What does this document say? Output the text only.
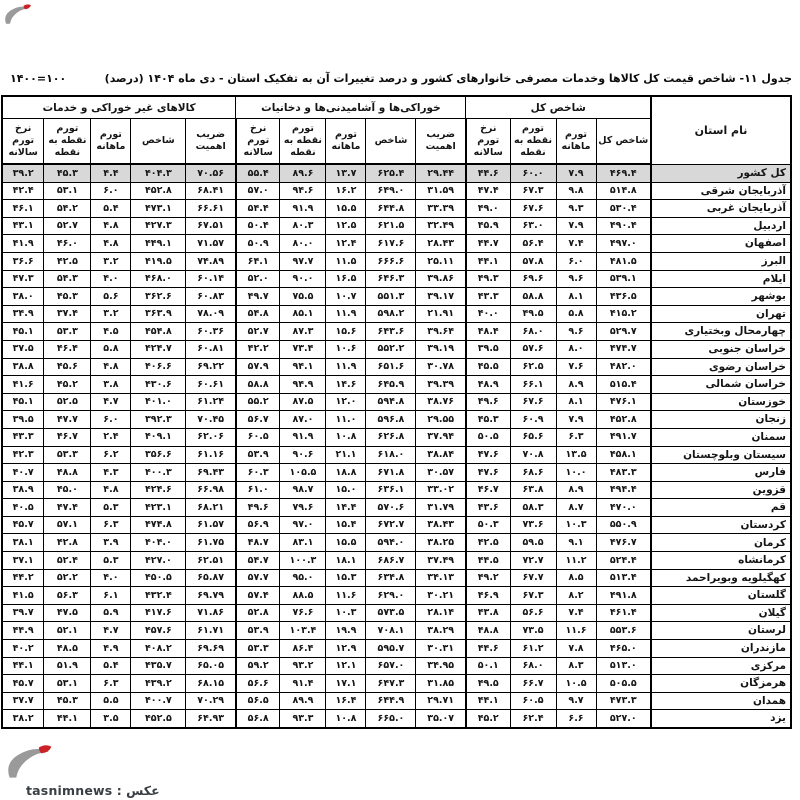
جدول ۱۱- شاخص قیمت کل کالاها وخدمات مصرفی خانوارهای کشور و درصد تغییرات آن به تفکیک استان - دی ماه ۱۴۰۴ (درصد)
۱۴۰۰=۱۰۰
نام استان	شاخص کل				خوراکی‌ها و آشامیدنی‌ها و دخانیات					کالاهای غیر خوراکی و خدمات				
	شاخص کل	تورم ماهانه	تورم نقطه به نقطه	نرخ تورم سالانه	ضریب اهمیت	شاخص	تورم ماهانه	تورم نقطه به نقطه	نرخ تورم سالانه	ضریب اهمیت	شاخص	تورم ماهانه	تورم نقطه به نقطه	نرخ تورم سالانه
کل کشور	۴۶۹.۴	۷.۹	۶۰.۰	۴۴.۶	۲۹.۴۴	۶۲۵.۴	۱۳.۷	۸۹.۶	۵۵.۴	۷۰.۵۶	۴۰۴.۳	۴.۴	۴۵.۳	۳۹.۲
آذربایجان شرقی	۵۱۴.۸	۹.۸	۶۷.۳	۴۷.۴	۳۱.۵۹	۶۴۹.۰	۱۶.۲	۹۴.۶	۵۷.۰	۶۸.۴۱	۴۵۲.۸	۶.۰	۵۳.۱	۴۲.۴
آذربایجان غربی	۵۳۰.۴	۹.۳	۶۷.۶	۴۹.۰	۳۳.۳۹	۶۴۴.۸	۱۵.۵	۹۱.۹	۵۴.۴	۶۶.۶۱	۴۷۳.۱	۵.۴	۵۴.۲	۴۶.۱
اردبیل	۴۹۰.۴	۷.۹	۶۳.۰	۴۵.۹	۳۲.۴۹	۶۲۱.۵	۱۲.۵	۸۰.۳	۵۰.۴	۶۷.۵۱	۴۲۷.۳	۴.۸	۵۲.۷	۴۳.۱
اصفهان	۴۹۷.۰	۷.۴	۵۶.۴	۴۴.۷	۲۸.۴۳	۶۱۷.۶	۱۲.۴	۸۰.۰	۵۰.۹	۷۱.۵۷	۴۴۹.۱	۴.۸	۴۶.۰	۴۱.۹
البرز	۴۸۱.۵	۶.۰	۵۷.۸	۴۴.۱	۲۵.۱۱	۶۶۶.۶	۱۱.۵	۹۷.۷	۶۴.۱	۷۴.۸۹	۴۱۹.۵	۳.۲	۴۲.۵	۳۶.۶
ایلام	۵۳۹.۱	۹.۶	۶۹.۶	۴۹.۳	۳۹.۸۶	۶۴۶.۳	۱۶.۵	۹۰.۰	۵۲.۰	۶۰.۱۴	۴۶۸.۰	۴.۰	۵۴.۳	۴۷.۳
بوشهر	۴۳۶.۵	۸.۱	۵۸.۸	۴۳.۳	۳۹.۱۷	۵۵۱.۳	۱۰.۷	۷۵.۵	۴۹.۷	۶۰.۸۳	۳۶۲.۶	۵.۶	۴۵.۳	۳۸.۰
تهران	۴۱۵.۲	۵.۸	۴۹.۵	۴۰.۰	۲۱.۹۱	۵۹۸.۲	۱۱.۹	۸۵.۱	۵۴.۸	۷۸.۰۹	۳۶۳.۹	۳.۲	۳۷.۴	۳۴.۹
چهارمحال وبختیاری	۵۲۹.۷	۹.۶	۶۸.۰	۴۸.۴	۳۹.۶۴	۶۴۳.۶	۱۵.۶	۸۷.۳	۵۲.۷	۶۰.۳۶	۴۵۴.۸	۴.۵	۵۳.۳	۴۵.۱
خراسان جنوبی	۴۷۴.۷	۸.۰	۵۷.۶	۳۹.۵	۳۹.۱۹	۵۵۲.۲	۱۰.۶	۷۳.۴	۴۲.۲	۶۰.۸۱	۴۲۴.۷	۵.۸	۴۶.۴	۳۷.۵
خراسان رضوی	۴۸۲.۰	۷.۶	۶۲.۵	۴۵.۵	۳۰.۷۸	۶۵۱.۶	۱۱.۹	۹۴.۱	۵۷.۹	۶۹.۲۲	۴۰۶.۶	۴.۸	۴۵.۶	۳۸.۸
خراسان شمالی	۵۱۵.۴	۸.۹	۶۶.۱	۴۸.۹	۳۹.۳۹	۶۴۵.۹	۱۴.۶	۹۴.۹	۵۸.۸	۶۰.۶۱	۴۳۰.۶	۳.۸	۴۵.۲	۴۱.۶
خوزستان	۴۷۶.۱	۸.۱	۶۷.۶	۴۹.۶	۳۸.۷۶	۵۹۴.۸	۱۲.۰	۸۷.۵	۵۵.۲	۶۱.۲۴	۴۰۱.۰	۴.۷	۵۲.۵	۴۵.۱
زنجان	۴۵۲.۸	۷.۹	۶۰.۹	۴۵.۳	۲۹.۵۵	۵۹۶.۸	۱۱.۰	۸۷.۰	۵۶.۷	۷۰.۴۵	۳۹۲.۳	۶.۰	۴۷.۷	۳۹.۵
سمنان	۴۹۱.۷	۶.۳	۶۵.۶	۵۰.۵	۳۷.۹۴	۶۲۶.۸	۱۰.۸	۹۱.۹	۶۰.۵	۶۲.۰۶	۴۰۹.۱	۲.۴	۴۶.۷	۴۳.۳
سیستان وبلوچستان	۴۵۸.۱	۱۳.۵	۷۰.۸	۴۷.۶	۳۸.۸۴	۶۱۸.۰	۲۱.۱	۹۰.۶	۵۳.۹	۶۱.۱۶	۳۵۶.۶	۶.۲	۵۳.۳	۴۲.۳
فارس	۴۸۳.۳	۱۰.۰	۶۸.۶	۴۷.۶	۳۰.۵۷	۶۷۱.۸	۱۸.۸	۱۰۵.۵	۶۰.۳	۶۹.۴۳	۴۰۰.۳	۴.۳	۴۸.۸	۴۰.۷
قزوین	۴۹۴.۴	۸.۹	۶۳.۸	۴۶.۷	۳۳.۰۲	۶۳۶.۱	۱۵.۰	۹۸.۷	۶۱.۰	۶۶.۹۸	۴۲۴.۶	۴.۸	۴۵.۰	۳۸.۹
قم	۴۷۰.۰	۸.۷	۵۸.۳	۴۳.۶	۳۱.۷۹	۵۷۰.۶	۱۴.۴	۷۹.۶	۴۹.۶	۶۸.۲۱	۴۲۳.۱	۵.۳	۴۷.۴	۴۰.۵
کردستان	۵۵۰.۹	۱۰.۳	۷۳.۶	۵۰.۳	۳۸.۴۳	۶۷۲.۷	۱۵.۴	۹۷.۰	۵۶.۹	۶۱.۵۷	۴۷۴.۸	۶.۳	۵۷.۱	۴۵.۷
کرمان	۴۷۶.۷	۹.۱	۵۹.۵	۴۲.۵	۳۸.۲۵	۵۹۴.۰	۱۵.۵	۸۳.۱	۴۸.۷	۶۱.۷۵	۴۰۴.۰	۳.۹	۴۲.۸	۳۸.۱
کرمانشاه	۵۲۴.۴	۱۱.۲	۷۲.۷	۴۴.۵	۳۷.۴۹	۶۸۶.۷	۱۸.۱	۱۰۰.۳	۵۴.۷	۶۲.۵۱	۴۲۷.۰	۵.۳	۵۲.۴	۳۷.۱
کهگیلویه وبویراحمد	۵۱۳.۴	۸.۵	۶۷.۷	۴۹.۲	۳۴.۱۳	۶۳۴.۸	۱۵.۳	۹۵.۰	۵۷.۷	۶۵.۸۷	۴۵۰.۵	۴.۰	۵۲.۲	۴۴.۲
گلستان	۴۹۱.۸	۸.۲	۶۷.۳	۴۶.۹	۳۰.۲۱	۶۲۹.۰	۱۱.۶	۸۸.۵	۵۷.۴	۶۹.۷۹	۴۳۲.۴	۶.۱	۵۶.۳	۴۱.۵
گیلان	۴۶۱.۴	۷.۴	۵۶.۶	۴۳.۸	۲۸.۱۴	۵۷۳.۵	۱۰.۳	۷۶.۶	۵۲.۸	۷۱.۸۶	۴۱۷.۶	۵.۹	۴۷.۵	۳۹.۷
لرستان	۵۵۳.۶	۱۱.۶	۷۳.۵	۴۸.۸	۳۸.۲۹	۷۰۸.۱	۱۹.۹	۱۰۳.۴	۵۳.۹	۶۱.۷۱	۴۵۷.۶	۴.۷	۵۲.۱	۴۴.۹
مازندران	۴۶۵.۰	۷.۸	۶۱.۲	۴۴.۶	۳۰.۳۱	۵۹۵.۷	۱۲.۹	۸۶.۴	۵۳.۳	۶۹.۶۹	۴۰۸.۲	۴.۹	۴۸.۵	۴۰.۲
مرکزی	۵۱۳.۰	۸.۳	۶۸.۰	۵۰.۱	۳۴.۹۵	۶۵۷.۰	۱۲.۱	۹۳.۲	۵۹.۲	۶۵.۰۵	۴۳۵.۷	۵.۴	۵۱.۹	۴۴.۱
هرمزگان	۵۰۵.۵	۱۰.۵	۶۶.۷	۴۹.۵	۳۱.۸۵	۶۴۷.۳	۱۷.۱	۹۱.۴	۵۶.۶	۶۸.۱۵	۴۳۹.۲	۶.۳	۵۳.۱	۴۵.۷
همدان	۴۷۳.۳	۹.۷	۶۰.۵	۴۴.۱	۲۹.۷۱	۶۴۴.۹	۱۶.۴	۸۹.۹	۵۶.۵	۷۰.۲۹	۴۰۰.۷	۵.۵	۴۵.۳	۳۷.۷
یزد	۵۲۷.۰	۶.۶	۶۲.۴	۴۵.۲	۳۵.۰۷	۶۶۵.۰	۱۰.۸	۹۳.۳	۵۶.۸	۶۴.۹۳	۴۵۲.۵	۳.۵	۴۴.۱	۳۸.۲
عکس : tasnimnews
